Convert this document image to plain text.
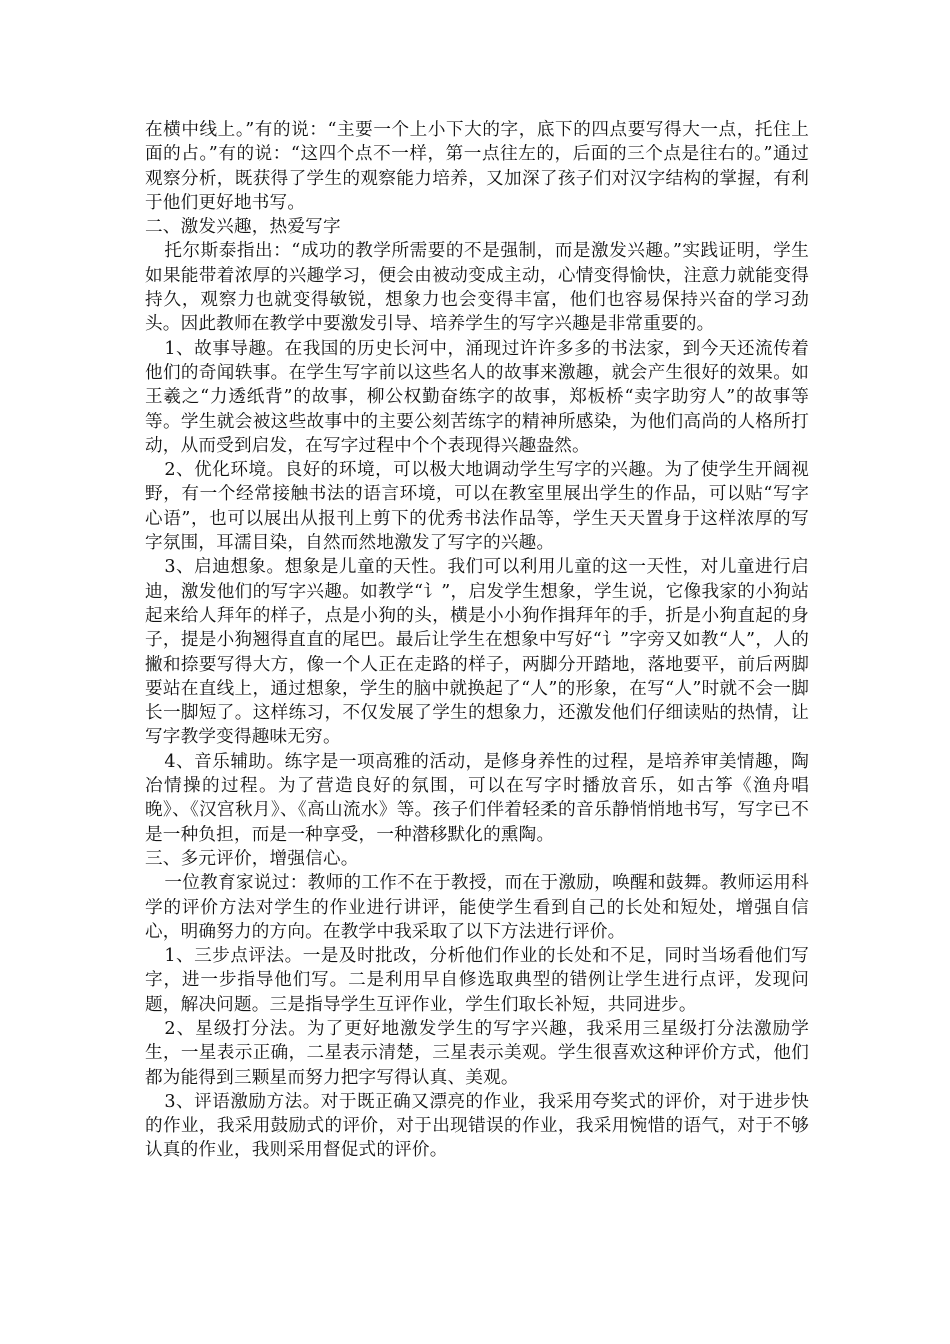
在横中线上。”有的说：“主要一个上小下大的字，底下的四点要写得大一点，托住上面的占。”有的说：“这四个点不一样，第一点往左的，后面的三个点是往右的。”通过观察分析，既获得了学生的观察能力培养，又加深了孩子们对汉字结构的掌握，有利于他们更好地书写。

二、激发兴趣，热爱写字

托尔斯泰指出：“成功的教学所需要的不是强制，而是激发兴趣。”实践证明，学生如果能带着浓厚的兴趣学习，便会由被动变成主动，心情变得愉快，注意力就能变得持久，观察力也就变得敏锐，想象力也会变得丰富，他们也容易保持兴奋的学习劲头。因此教师在教学中要激发引导、培养学生的写字兴趣是非常重要的。

1、故事导趣。在我国的历史长河中，涌现过许许多多的书法家，到今天还流传着他们的奇闻轶事。在学生写字前以这些名人的故事来激趣，就会产生很好的效果。如王羲之“力透纸背”的故事，柳公权勤奋练字的故事，郑板桥“卖字助穷人”的故事等等。学生就会被这些故事中的主要公刻苦练字的精神所感染，为他们高尚的人格所打动，从而受到启发，在写字过程中个个表现得兴趣盎然。

2、优化环境。良好的环境，可以极大地调动学生写字的兴趣。为了使学生开阔视野，有一个经常接触书法的语言环境，可以在教室里展出学生的作品，可以贴“写字心语”，也可以展出从报刊上剪下的优秀书法作品等，学生天天置身于这样浓厚的写字氛围，耳濡目染，自然而然地激发了写字的兴趣。

3、启迪想象。想象是儿童的天性。我们可以利用儿童的这一天性，对儿童进行启迪，激发他们的写字兴趣。如教学“讠”，启发学生想象，学生说，它像我家的小狗站起来给人拜年的样子，点是小狗的头，横是小小狗作揖拜年的手，折是小狗直起的身子，提是小狗翘得直直的尾巴。最后让学生在想象中写好“讠”字旁又如教“人”，人的撇和捺要写得大方，像一个人正在走路的样子，两脚分开踏地，落地要平，前后两脚要站在直线上，通过想象，学生的脑中就换起了“人”的形象，在写“人”时就不会一脚长一脚短了。这样练习，不仅发展了学生的想象力，还激发他们仔细读贴的热情，让写字教学变得趣味无穷。

4、音乐辅助。练字是一项高雅的活动，是修身养性的过程，是培养审美情趣，陶冶情操的过程。为了营造良好的氛围，可以在写字时播放音乐，如古筝《渔舟唱晚》、《汉宫秋月》、《高山流水》等。孩子们伴着轻柔的音乐静悄悄地书写，写字已不是一种负担，而是一种享受，一种潜移默化的熏陶。

三、多元评价，增强信心。

一位教育家说过：教师的工作不在于教授，而在于激励，唤醒和鼓舞。教师运用科学的评价方法对学生的作业进行讲评，能使学生看到自己的长处和短处，增强自信心，明确努力的方向。在教学中我采取了以下方法进行评价。

1、三步点评法。一是及时批改，分析他们作业的长处和不足，同时当场看他们写字，进一步指导他们写。二是利用早自修选取典型的错例让学生进行点评，发现问题，解决问题。三是指导学生互评作业，学生们取长补短，共同进步。

2、星级打分法。为了更好地激发学生的写字兴趣，我采用三星级打分法激励学生，一星表示正确，二星表示清楚，三星表示美观。学生很喜欢这种评价方式，他们都为能得到三颗星而努力把字写得认真、美观。

3、评语激励方法。对于既正确又漂亮的作业，我采用夸奖式的评价，对于进步快的作业，我采用鼓励式的评价，对于出现错误的作业，我采用惋惜的语气，对于不够认真的作业，我则采用督促式的评价。
